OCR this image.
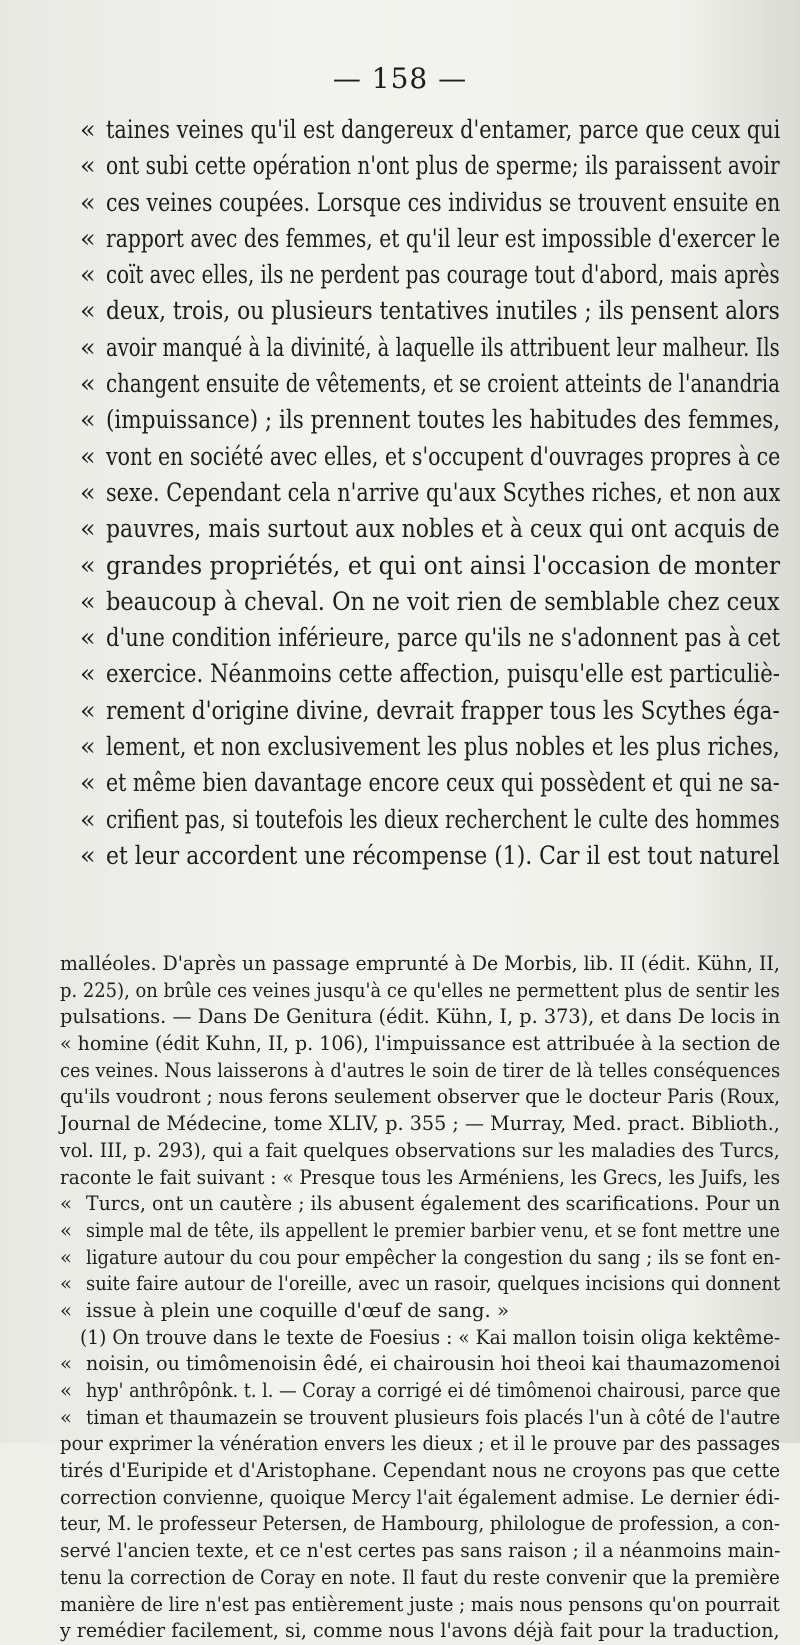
— 158 —
« taines veines qu'il est dangereux d'entamer, parce que ceux qui
« ont subi cette opération n'ont plus de sperme; ils paraissent avoir
« ces veines coupées. Lorsque ces individus se trouvent ensuite en
« rapport avec des femmes, et qu'il leur est impossible d'exercer le
« coït avec elles, ils ne perdent pas courage tout d'abord, mais après
« deux, trois, ou plusieurs tentatives inutiles ; ils pensent alors
« avoir manqué à la divinité, à laquelle ils attribuent leur malheur. Ils
« changent ensuite de vêtements, et se croient atteints de l'anandria
« (impuissance) ; ils prennent toutes les habitudes des femmes,
« vont en société avec elles, et s'occupent d'ouvrages propres à ce
« sexe. Cependant cela n'arrive qu'aux Scythes riches, et non aux
« pauvres, mais surtout aux nobles et à ceux qui ont acquis de
« grandes propriétés, et qui ont ainsi l'occasion de monter
« beaucoup à cheval. On ne voit rien de semblable chez ceux
« d'une condition inférieure, parce qu'ils ne s'adonnent pas à cet
« exercice. Néanmoins cette affection, puisqu'elle est particuliè-
« rement d'origine divine, devrait frapper tous les Scythes éga-
« lement, et non exclusivement les plus nobles et les plus riches,
« et même bien davantage encore ceux qui possèdent et qui ne sa-
« crifient pas, si toutefois les dieux recherchent le culte des hommes
« et leur accordent une récompense (1). Car il est tout naturel
malléoles. D'après un passage emprunté à De Morbis, lib. II (édit. Kühn, II,
p. 225), on brûle ces veines jusqu'à ce qu'elles ne permettent plus de sentir les
pulsations. — Dans De Genitura (édit. Kühn, I, p. 373), et dans De locis in
« homine (édit Kuhn, II, p. 106), l'impuissance est attribuée à la section de
ces veines. Nous laisserons à d'autres le soin de tirer de là telles conséquences
qu'ils voudront ; nous ferons seulement observer que le docteur Paris (Roux,
Journal de Médecine, tome XLIV, p. 355 ; — Murray, Med. pract. Biblioth.,
vol. III, p. 293), qui a fait quelques observations sur les maladies des Turcs,
raconte le fait suivant : « Presque tous les Arméniens, les Grecs, les Juifs, les
« Turcs, ont un cautère ; ils abusent également des scarifications. Pour un
« simple mal de tête, ils appellent le premier barbier venu, et se font mettre une
« ligature autour du cou pour empêcher la congestion du sang ; ils se font en-
« suite faire autour de l'oreille, avec un rasoir, quelques incisions qui donnent
« issue à plein une coquille d'œuf de sang. »
(1) On trouve dans le texte de Foesius : « Kai mallon toisin oliga kektême-
« noisin, ou timômenoisin êdé, ei chairousin hoi theoi kai thaumazomenoi
« hyp' anthrôpônk. t. l. — Coray a corrigé ei dé timômenoi chairousi, parce que
« timan et thaumazein se trouvent plusieurs fois placés l'un à côté de l'autre
pour exprimer la vénération envers les dieux ; et il le prouve par des passages
tirés d'Euripide et d'Aristophane. Cependant nous ne croyons pas que cette
correction convienne, quoique Mercy l'ait également admise. Le dernier édi-
teur, M. le professeur Petersen, de Hambourg, philologue de profession, a con-
servé l'ancien texte, et ce n'est certes pas sans raison ; il a néanmoins main-
tenu la correction de Coray en note. Il faut du reste convenir que la première
manière de lire n'est pas entièrement juste ; mais nous pensons qu'on pourrait
y remédier facilement, si, comme nous l'avons déjà fait pour la traduction,
